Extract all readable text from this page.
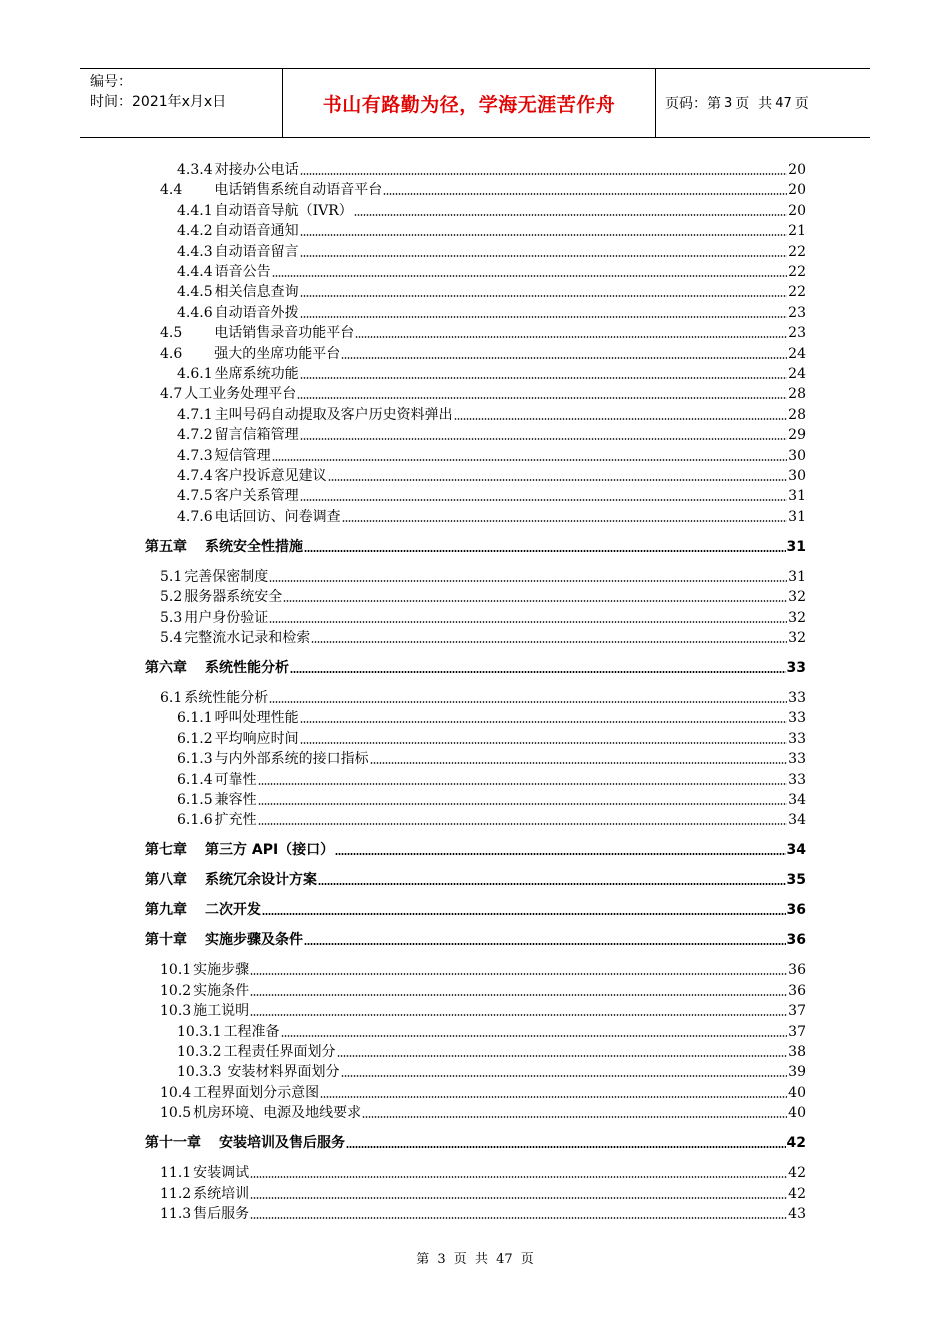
编号：
时间：2021年x月x日	书山有路勤为径，学海无涯苦作舟	页码：第 3 页  共 47 页
4.3.4 对接办公电话	20
4.4 电话销售系统自动语音平台	20
4.4.1 自动语音导航（IVR）	20
4.4.2 自动语音通知	21
4.4.3 自动语音留言	22
4.4.4 语音公告	22
4.4.5 相关信息查询	22
4.4.6 自动语音外拨	23
4.5 电话销售录音功能平台	23
4.6 强大的坐席功能平台	24
4.6.1 坐席系统功能	24
4.7 人工业务处理平台	28
4.7.1 主叫号码自动提取及客户历史资料弹出	28
4.7.2 留言信箱管理	29
4.7.3 短信管理	30
4.7.4 客户投诉意见建议	30
4.7.5 客户关系管理	31
4.7.6 电话回访、问卷调查	31
第五章 系统安全性措施	31
5.1 完善保密制度	31
5.2 服务器系统安全	32
5.3 用户身份验证	32
5.4 完整流水记录和检索	32
第六章 系统性能分析	33
6.1 系统性能分析	33
6.1.1 呼叫处理性能	33
6.1.2 平均响应时间	33
6.1.3 与内外部系统的接口指标	33
6.1.4 可靠性	33
6.1.5 兼容性	34
6.1.6 扩充性	34
第七章 第三方 API（接口）	34
第八章 系统冗余设计方案	35
第九章 二次开发	36
第十章 实施步骤及条件	36
10.1 实施步骤	36
10.2 实施条件	36
10.3 施工说明	37
10.3.1 工程准备	37
10.3.2 工程责任界面划分	38
10.3.3 安装材料界面划分	39
10.4 工程界面划分示意图	40
10.5 机房环境、电源及地线要求	40
第十一章 安装培训及售后服务	42
11.1 安装调试	42
11.2 系统培训	42
11.3 售后服务	43
第 3 页 共 47 页
